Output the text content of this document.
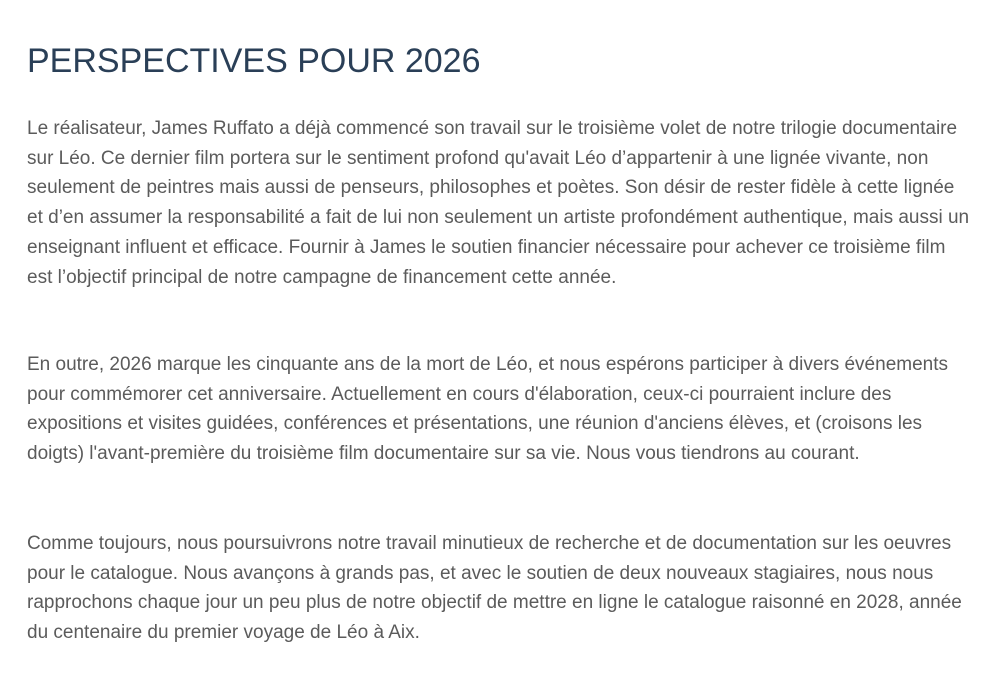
PERSPECTIVES POUR 2026

Le réalisateur, James Ruffato a déjà commencé son travail sur le troisième volet de notre trilogie documentaire sur Léo. Ce dernier film portera sur le sentiment profond qu'avait Léo d’appartenir à une lignée vivante, non seulement de peintres mais aussi de penseurs, philosophes et poètes. Son désir de rester fidèle à cette lignée et d’en assumer la responsabilité a fait de lui non seulement un artiste profondément authentique, mais aussi un enseignant influent et efficace. Fournir à James le soutien financier nécessaire pour achever ce troisième film est l’objectif principal de notre campagne de financement cette année.

En outre, 2026 marque les cinquante ans de la mort de Léo, et nous espérons participer à divers événements pour commémorer cet anniversaire. Actuellement en cours d'élaboration, ceux-ci pourraient inclure des expositions et visites guidées, conférences et présentations, une réunion d'anciens élèves, et (croisons les doigts) l'avant-première du troisième film documentaire sur sa vie. Nous vous tiendrons au courant.

Comme toujours, nous poursuivrons notre travail minutieux de recherche et de documentation sur les oeuvres pour le catalogue. Nous avançons à grands pas, et avec le soutien de deux nouveaux stagiaires, nous nous rapprochons chaque jour un peu plus de notre objectif de mettre en ligne le catalogue raisonné en 2028, année du centenaire du premier voyage de Léo à Aix.
